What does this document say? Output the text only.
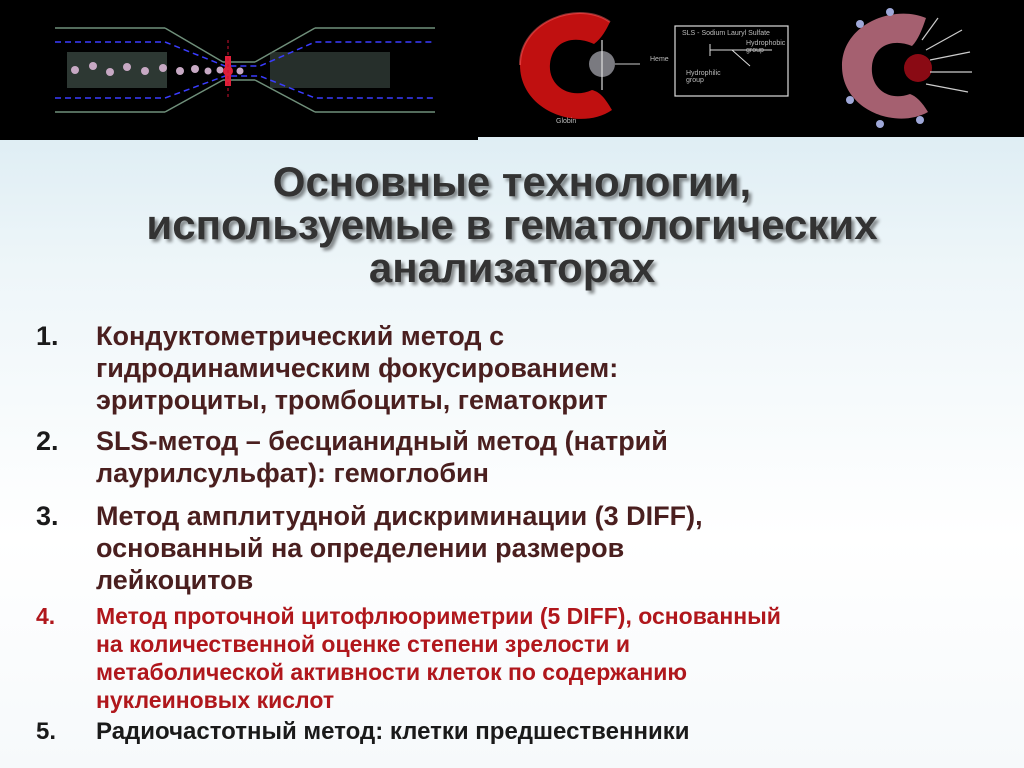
Heme
Globin
SLS - Sodium Lauryl Sulfate
Hydrophobic group
Hydrophilic group
Основные технологии,
используемые в гематологических
анализаторах
1. Кондуктометрический метод с
гидродинамическим фокусированием:
эритроциты, тромбоциты, гематокрит
2. SLS-метод – бесцианидный метод (натрий
лаурилсульфат): гемоглобин
3. Метод амплитудной дискриминации (3 DIFF),
основанный на определении размеров
лейкоцитов
4. Метод проточной цитофлюориметрии (5 DIFF), основанный
на количественной оценке степени зрелости и
метаболической активности клеток по содержанию
нуклеиновых кислот
5. Радиочастотный метод: клетки предшественники
